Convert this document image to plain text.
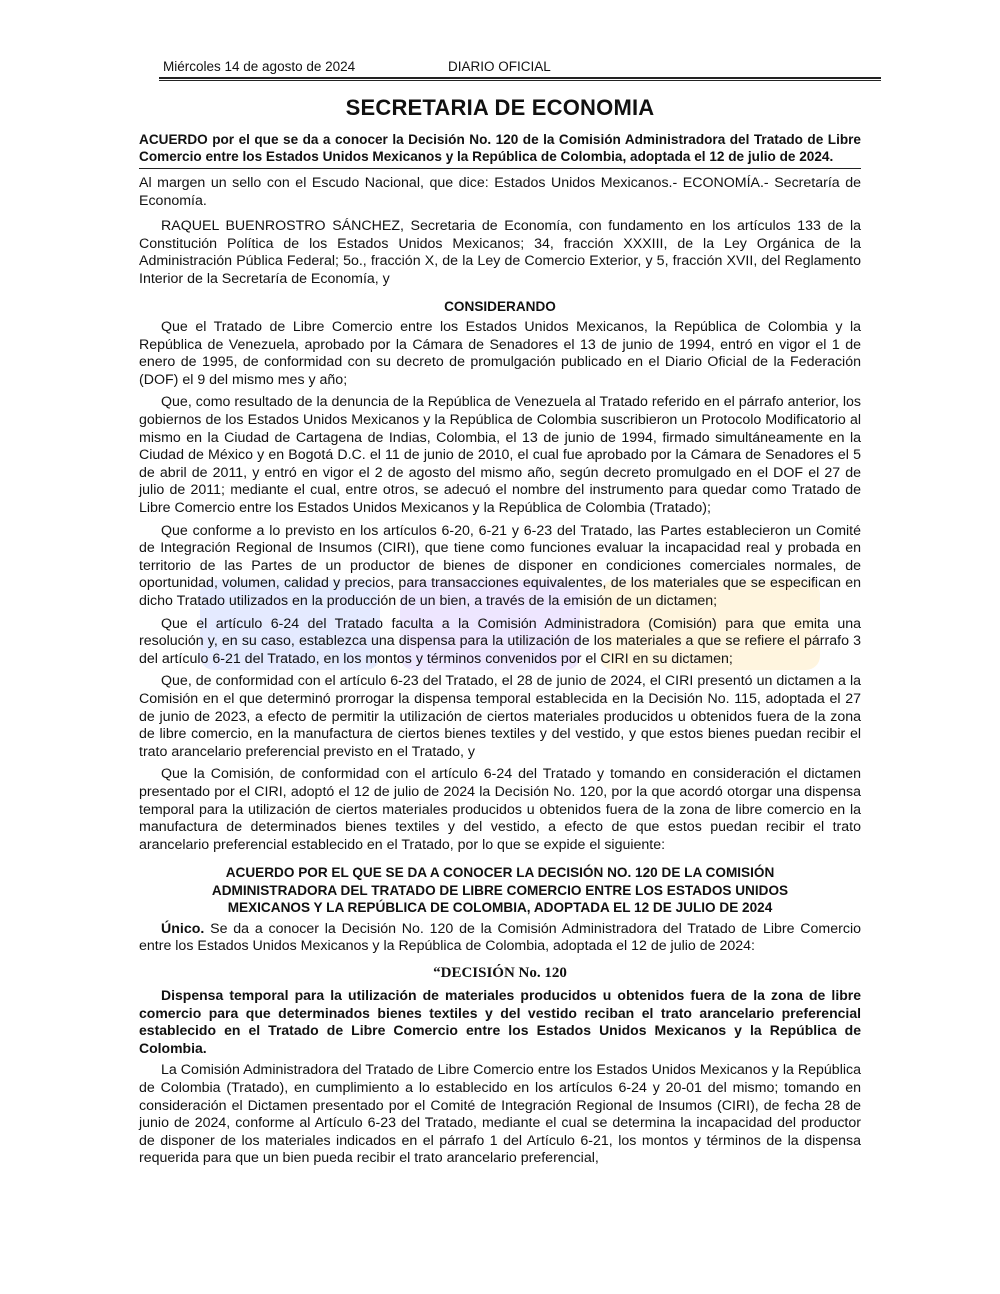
Miércoles 14 de agosto de 2024	DIARIO OFICIAL
SECRETARIA DE ECONOMIA
ACUERDO por el que se da a conocer la Decisión No. 120 de la Comisión Administradora del Tratado de Libre Comercio entre los Estados Unidos Mexicanos y la República de Colombia, adoptada el 12 de julio de 2024.

Al margen un sello con el Escudo Nacional, que dice: Estados Unidos Mexicanos.- ECONOMÍA.- Secretaría de Economía.

RAQUEL BUENROSTRO SÁNCHEZ, Secretaria de Economía, con fundamento en los artículos 133 de la Constitución Política de los Estados Unidos Mexicanos; 34, fracción XXXIII, de la Ley Orgánica de la Administración Pública Federal; 5o., fracción X, de la Ley de Comercio Exterior, y 5, fracción XVII, del Reglamento Interior de la Secretaría de Economía, y

CONSIDERANDO

Que el Tratado de Libre Comercio entre los Estados Unidos Mexicanos, la República de Colombia y la República de Venezuela, aprobado por la Cámara de Senadores el 13 de junio de 1994, entró en vigor el 1 de enero de 1995, de conformidad con su decreto de promulgación publicado en el Diario Oficial de la Federación (DOF) el 9 del mismo mes y año;

Que, como resultado de la denuncia de la República de Venezuela al Tratado referido en el párrafo anterior, los gobiernos de los Estados Unidos Mexicanos y la República de Colombia suscribieron un Protocolo Modificatorio al mismo en la Ciudad de Cartagena de Indias, Colombia, el 13 de junio de 1994, firmado simultáneamente en la Ciudad de México y en Bogotá D.C. el 11 de junio de 2010, el cual fue aprobado por la Cámara de Senadores el 5 de abril de 2011, y entró en vigor el 2 de agosto del mismo año, según decreto promulgado en el DOF el 27 de julio de 2011; mediante el cual, entre otros, se adecuó el nombre del instrumento para quedar como Tratado de Libre Comercio entre los Estados Unidos Mexicanos y la República de Colombia (Tratado);

Que conforme a lo previsto en los artículos 6-20, 6-21 y 6-23 del Tratado, las Partes establecieron un Comité de Integración Regional de Insumos (CIRI), que tiene como funciones evaluar la incapacidad real y probada en territorio de las Partes de un productor de bienes de disponer en condiciones comerciales normales, de oportunidad, volumen, calidad y precios, para transacciones equivalentes, de los materiales que se especifican en dicho Tratado utilizados en la producción de un bien, a través de la emisión de un dictamen;

Que el artículo 6-24 del Tratado faculta a la Comisión Administradora (Comisión) para que emita una resolución y, en su caso, establezca una dispensa para la utilización de los materiales a que se refiere el párrafo 3 del artículo 6-21 del Tratado, en los montos y términos convenidos por el CIRI en su dictamen;

Que, de conformidad con el artículo 6-23 del Tratado, el 28 de junio de 2024, el CIRI presentó un dictamen a la Comisión en el que determinó prorrogar la dispensa temporal establecida en la Decisión No. 115, adoptada el 27 de junio de 2023, a efecto de permitir la utilización de ciertos materiales producidos u obtenidos fuera de la zona de libre comercio, en la manufactura de ciertos bienes textiles y del vestido, y que estos bienes puedan recibir el trato arancelario preferencial previsto en el Tratado, y

Que la Comisión, de conformidad con el artículo 6-24 del Tratado y tomando en consideración el dictamen presentado por el CIRI, adoptó el 12 de julio de 2024 la Decisión No. 120, por la que acordó otorgar una dispensa temporal para la utilización de ciertos materiales producidos u obtenidos fuera de la zona de libre comercio en la manufactura de determinados bienes textiles y del vestido, a efecto de que estos puedan recibir el trato arancelario preferencial establecido en el Tratado, por lo que se expide el siguiente:

ACUERDO POR EL QUE SE DA A CONOCER LA DECISIÓN NO. 120 DE LA COMISIÓN ADMINISTRADORA DEL TRATADO DE LIBRE COMERCIO ENTRE LOS ESTADOS UNIDOS MEXICANOS Y LA REPÚBLICA DE COLOMBIA, ADOPTADA EL 12 DE JULIO DE 2024

Único. Se da a conocer la Decisión No. 120 de la Comisión Administradora del Tratado de Libre Comercio entre los Estados Unidos Mexicanos y la República de Colombia, adoptada el 12 de julio de 2024:

“DECISIÓN No. 120
Dispensa temporal para la utilización de materiales producidos u obtenidos fuera de la zona de libre comercio para que determinados bienes textiles y del vestido reciban el trato arancelario preferencial establecido en el Tratado de Libre Comercio entre los Estados Unidos Mexicanos y la República de Colombia.

La Comisión Administradora del Tratado de Libre Comercio entre los Estados Unidos Mexicanos y la República de Colombia (Tratado), en cumplimiento a lo establecido en los artículos 6-24 y 20-01 del mismo; tomando en consideración el Dictamen presentado por el Comité de Integración Regional de Insumos (CIRI), de fecha 28 de junio de 2024, conforme al Artículo 6-23 del Tratado, mediante el cual se determina la incapacidad del productor de disponer de los materiales indicados en el párrafo 1 del Artículo 6-21, los montos y términos de la dispensa requerida para que un bien pueda recibir el trato arancelario preferencial,
